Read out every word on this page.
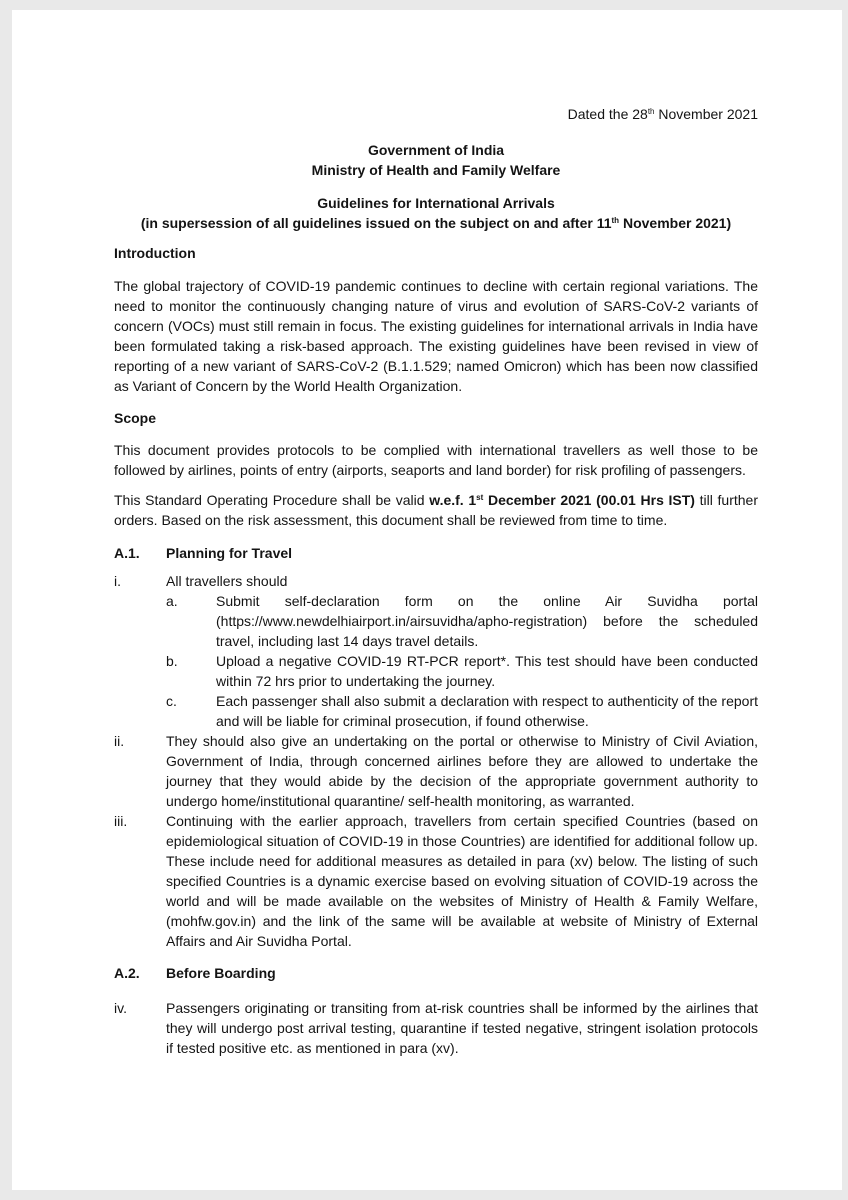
Dated the 28th November 2021
Government of India
Ministry of Health and Family Welfare
Guidelines for International Arrivals
(in supersession of all guidelines issued on the subject on and after 11th November 2021)
Introduction
The global trajectory of COVID-19 pandemic continues to decline with certain regional variations. The need to monitor the continuously changing nature of virus and evolution of SARS-CoV-2 variants of concern (VOCs) must still remain in focus. The existing guidelines for international arrivals in India have been formulated taking a risk-based approach. The existing guidelines have been revised in view of reporting of a new variant of SARS-CoV-2 (B.1.1.529; named Omicron) which has been now classified as Variant of Concern by the World Health Organization.
Scope
This document provides protocols to be complied with international travellers as well those to be followed by airlines, points of entry (airports, seaports and land border) for risk profiling of passengers.
This Standard Operating Procedure shall be valid w.e.f. 1st December 2021 (00.01 Hrs IST) till further orders. Based on the risk assessment, this document shall be reviewed from time to time.
A.1.	Planning for Travel
i.	All travellers should
a.	Submit self-declaration form on the online Air Suvidha portal
(https://www.newdelhiairport.in/airsuvidha/apho-registration) before the scheduled travel, including last 14 days travel details.
b.	Upload a negative COVID-19 RT-PCR report*. This test should have been conducted within 72 hrs prior to undertaking the journey.
c.	Each passenger shall also submit a declaration with respect to authenticity of the report and will be liable for criminal prosecution, if found otherwise.
ii.	They should also give an undertaking on the portal or otherwise to Ministry of Civil Aviation, Government of India, through concerned airlines before they are allowed to undertake the journey that they would abide by the decision of the appropriate government authority to undergo home/institutional quarantine/ self-health monitoring, as warranted.
iii.	Continuing with the earlier approach, travellers from certain specified Countries (based on epidemiological situation of COVID-19 in those Countries) are identified for additional follow up. These include need for additional measures as detailed in para (xv) below. The listing of such specified Countries is a dynamic exercise based on evolving situation of COVID-19 across the world and will be made available on the websites of Ministry of Health & Family Welfare, (mohfw.gov.in) and the link of the same will be available at website of Ministry of External Affairs and Air Suvidha Portal.
A.2.	Before Boarding
iv.	Passengers originating or transiting from at-risk countries shall be informed by the airlines that they will undergo post arrival testing, quarantine if tested negative, stringent isolation protocols if tested positive etc. as mentioned in para (xv).
